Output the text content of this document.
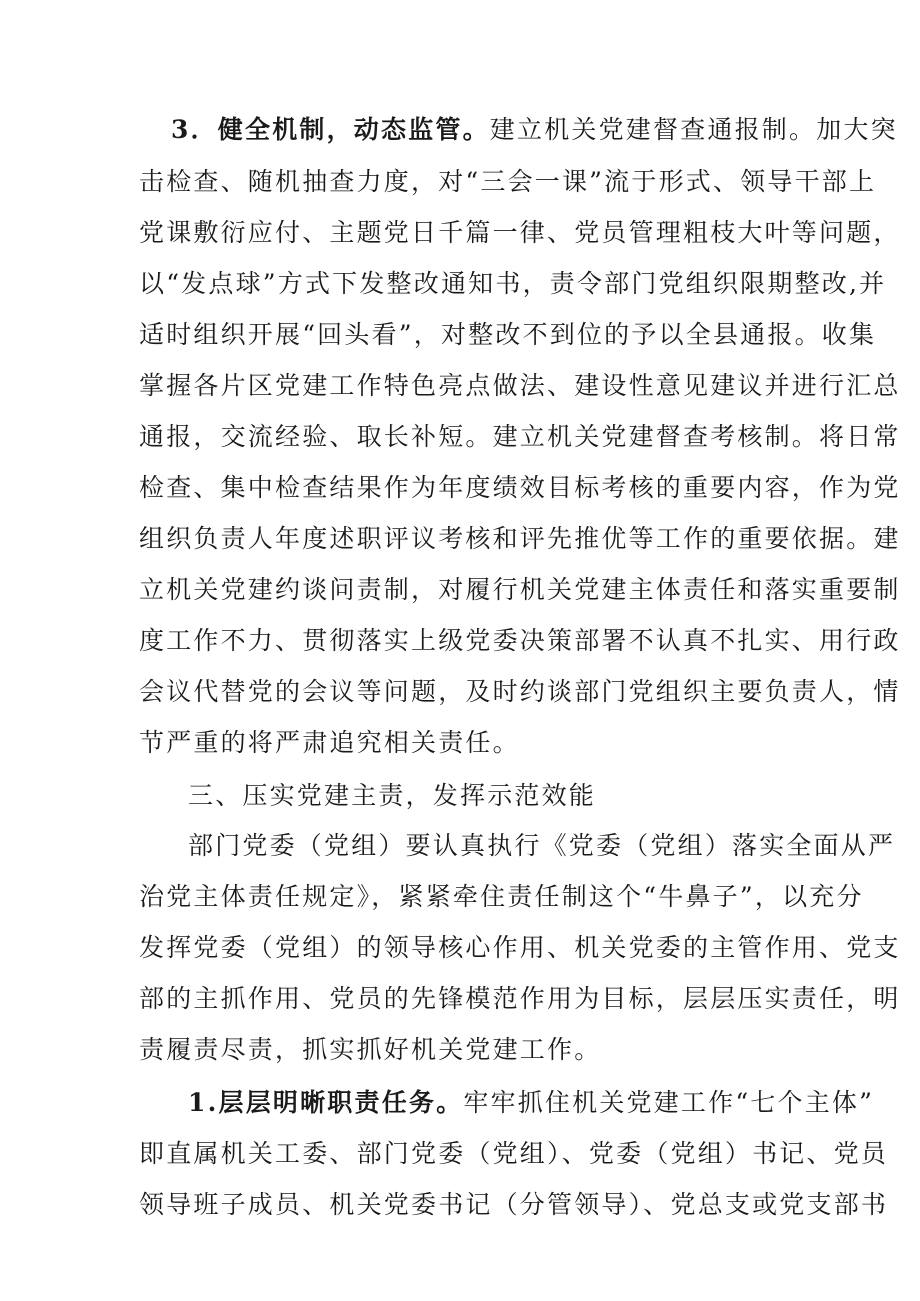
3．健全机制，动态监管。建立机关党建督查通报制。加大突
击检查、随机抽查力度，对“三会一课”流于形式、领导干部上
党课敷衍应付、主题党日千篇一律、党员管理粗枝大叶等问题，
以“发点球”方式下发整改通知书，责令部门党组织限期整改,并
适时组织开展“回头看”，对整改不到位的予以全县通报。收集
掌握各片区党建工作特色亮点做法、建设性意见建议并进行汇总
通报，交流经验、取长补短。建立机关党建督查考核制。将日常
检查、集中检查结果作为年度绩效目标考核的重要内容，作为党
组织负责人年度述职评议考核和评先推优等工作的重要依据。建
立机关党建约谈问责制，对履行机关党建主体责任和落实重要制
度工作不力、贯彻落实上级党委决策部署不认真不扎实、用行政
会议代替党的会议等问题，及时约谈部门党组织主要负责人，情
节严重的将严肃追究相关责任。
三、压实党建主责，发挥示范效能
部门党委（党组）要认真执行《党委（党组）落实全面从严
治党主体责任规定》，紧紧牵住责任制这个“牛鼻子”，以充分
发挥党委（党组）的领导核心作用、机关党委的主管作用、党支
部的主抓作用、党员的先锋模范作用为目标，层层压实责任，明
责履责尽责，抓实抓好机关党建工作。
1.层层明晰职责任务。牢牢抓住机关党建工作“七个主体”
即直属机关工委、部门党委（党组）、党委（党组）书记、党员
领导班子成员、机关党委书记（分管领导）、党总支或党支部书
